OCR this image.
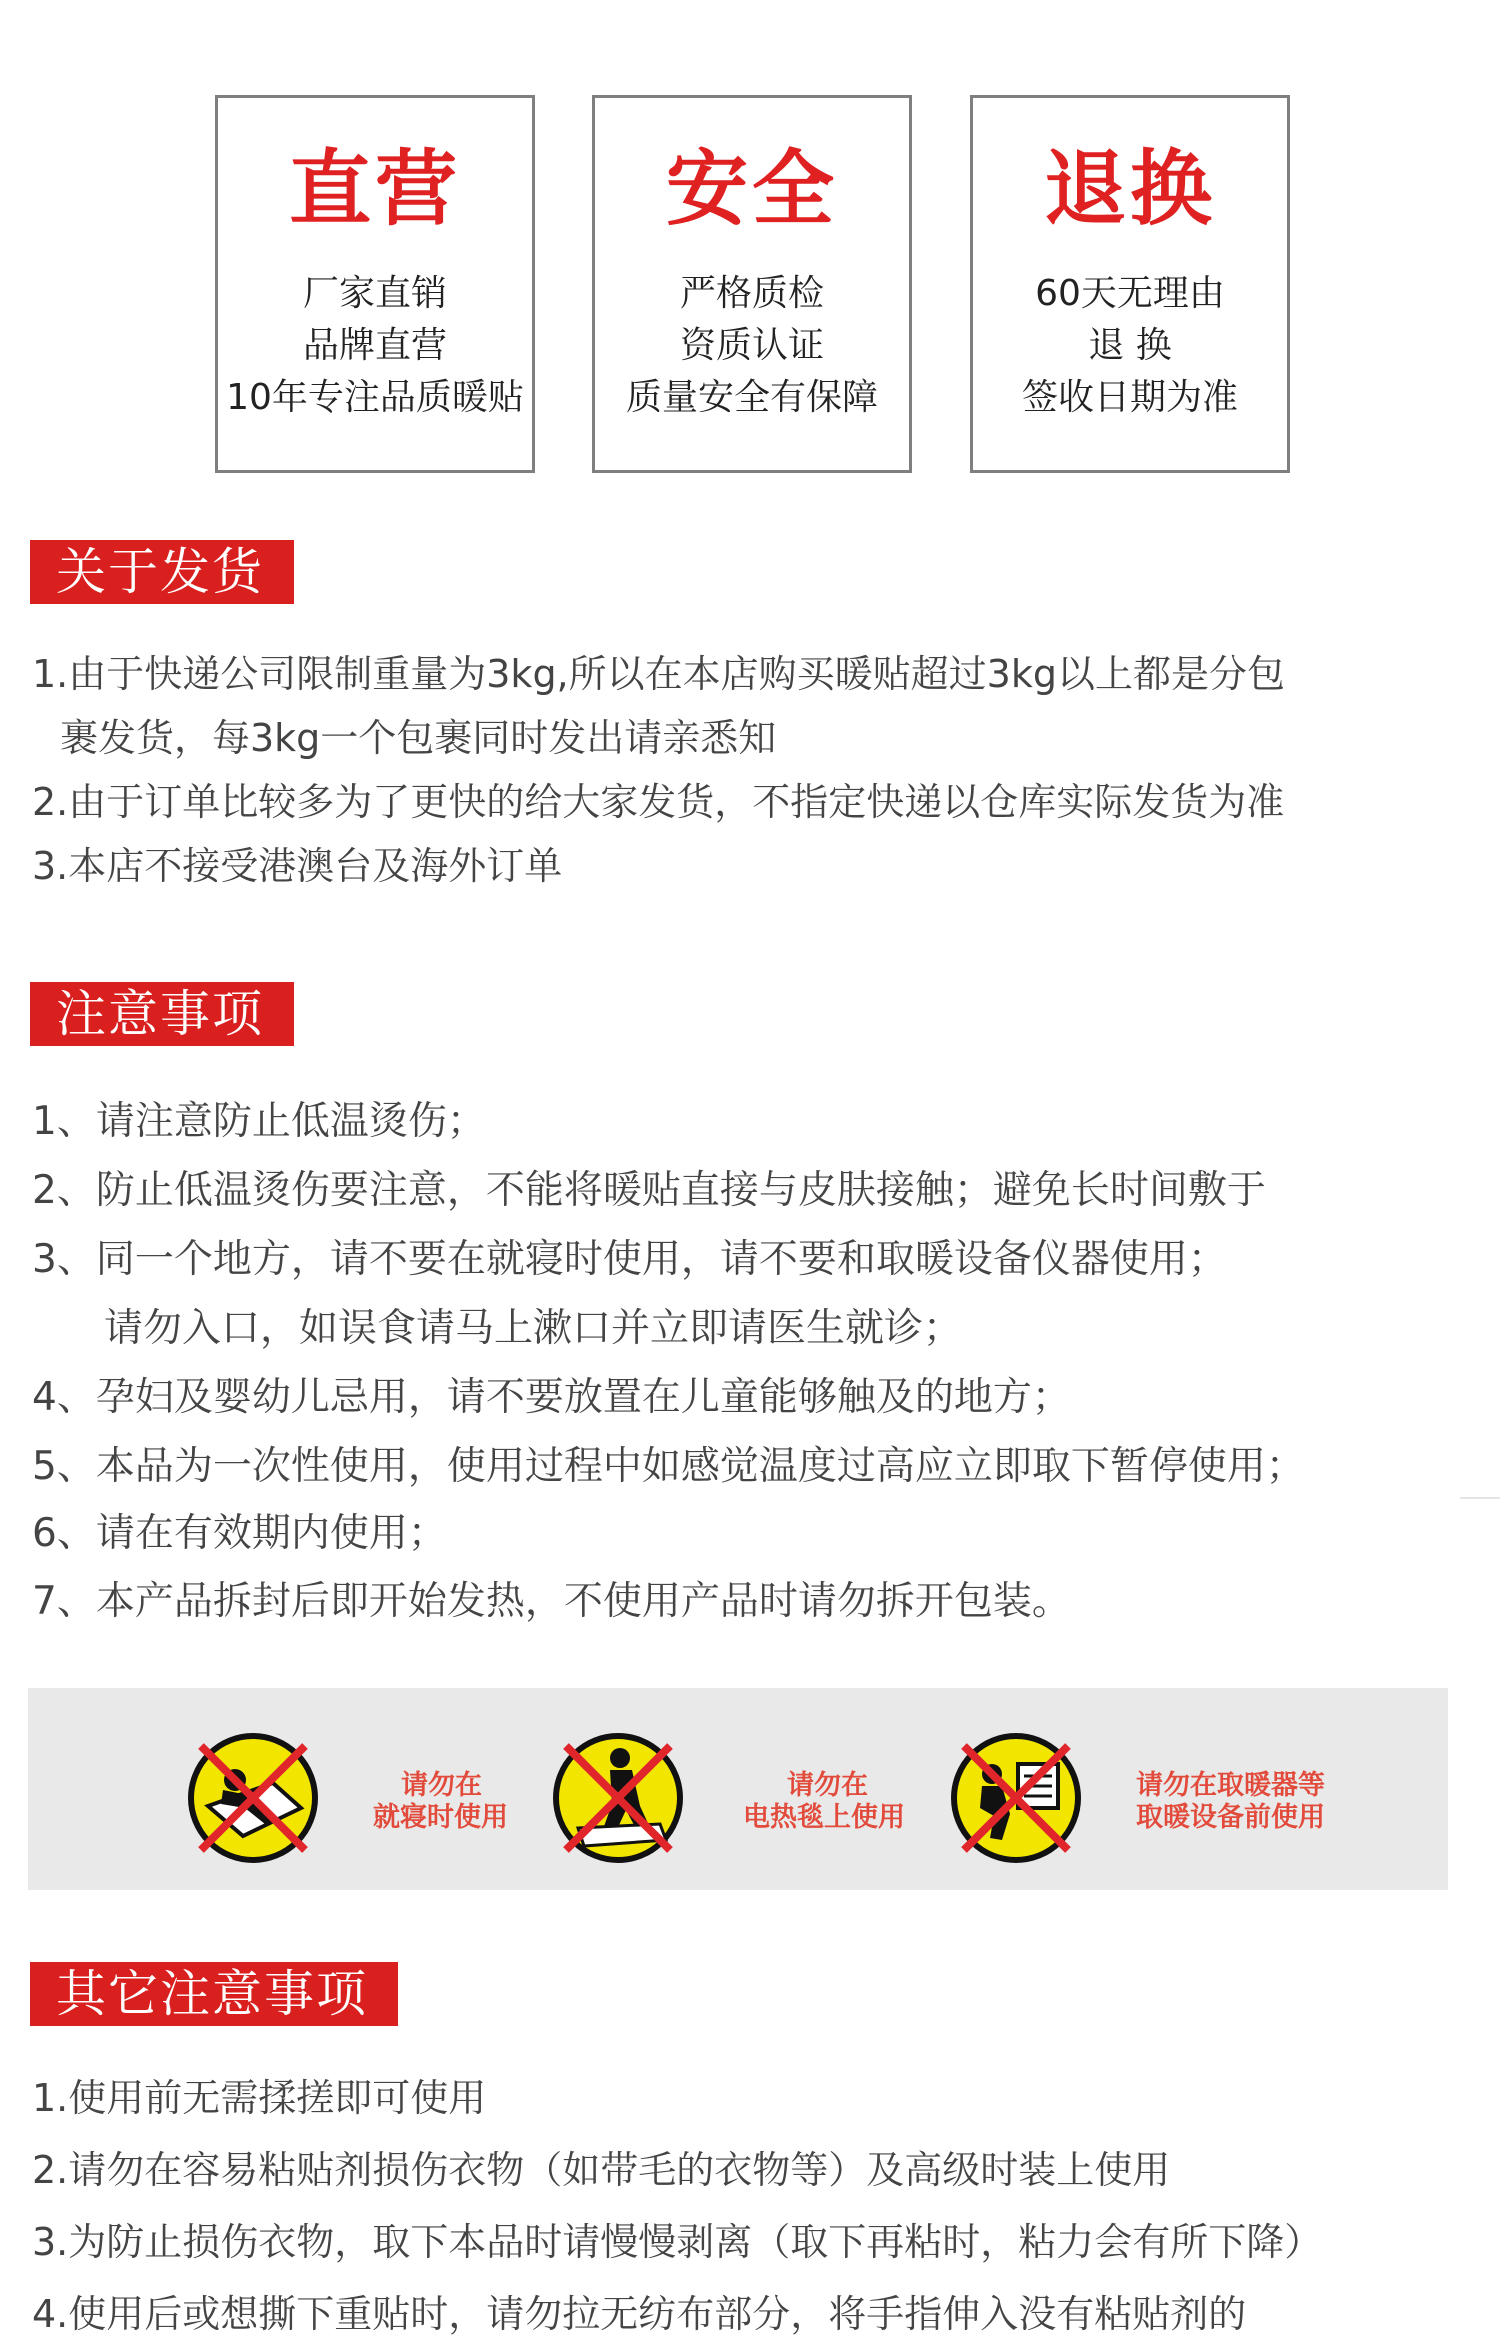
直营
厂家直销
品牌直营
10年专注品质暖贴
安全
严格质检
资质认证
质量安全有保障
退换
60天无理由
退 换
签收日期为准
关于发货
1.由于快递公司限制重量为3kg,所以在本店购买暖贴超过3kg以上都是分包
裹发货，每3kg一个包裹同时发出请亲悉知
2.由于订单比较多为了更快的给大家发货，不指定快递以仓库实际发货为准
3.本店不接受港澳台及海外订单
注意事项
1、请注意防止低温烫伤；
2、防止低温烫伤要注意，不能将暖贴直接与皮肤接触；避免长时间敷于
3、同一个地方，请不要在就寝时使用，请不要和取暖设备仪器使用；
请勿入口，如误食请马上漱口并立即请医生就诊；
4、孕妇及婴幼儿忌用，请不要放置在儿童能够触及的地方；
5、本品为一次性使用，使用过程中如感觉温度过高应立即取下暂停使用；
6、请在有效期内使用；
7、本产品拆封后即开始发热，不使用产品时请勿拆开包装。
请勿在
就寝时使用
请勿在
电热毯上使用
请勿在取暖器等
取暖设备前使用
其它注意事项
1.使用前无需揉搓即可使用
2.请勿在容易粘贴剂损伤衣物（如带毛的衣物等）及高级时装上使用
3.为防止损伤衣物，取下本品时请慢慢剥离（取下再粘时，粘力会有所下降）
4.使用后或想撕下重贴时，请勿拉无纺布部分，将手指伸入没有粘贴剂的
